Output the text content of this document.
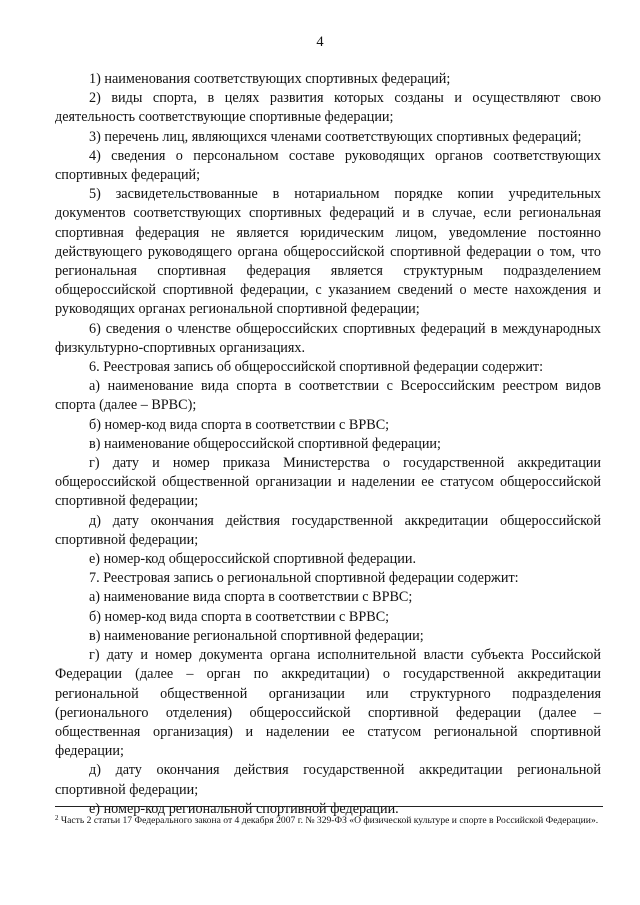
4

1) наименования соответствующих спортивных федераций;

2) виды спорта, в целях развития которых созданы и осуществляют свою деятельность соответствующие спортивные федерации;

3) перечень лиц, являющихся членами соответствующих спортивных федераций;

4) сведения о персональном составе руководящих органов соответствующих спортивных федераций;

5) засвидетельствованные в нотариальном порядке копии учредительных документов соответствующих спортивных федераций и в случае, если региональная спортивная федерация не является юридическим лицом, уведомление постоянно действующего руководящего органа общероссийской спортивной федерации о том, что региональная спортивная федерация является структурным подразделением общероссийской спортивной федерации, с указанием сведений о месте нахождения и руководящих органах региональной спортивной федерации;

6) сведения о членстве общероссийских спортивных федераций в международных физкультурно-спортивных организациях.

6. Реестровая запись об общероссийской спортивной федерации содержит:

а) наименование вида спорта в соответствии с Всероссийским реестром видов спорта (далее – ВРВС);

б) номер-код вида спорта в соответствии с ВРВС;

в) наименование общероссийской спортивной федерации;

г) дату и номер приказа Министерства о государственной аккредитации общероссийской общественной организации и наделении ее статусом общероссийской спортивной федерации;

д) дату окончания действия государственной аккредитации общероссийской спортивной федерации;

е) номер-код общероссийской спортивной федерации.

7. Реестровая запись о региональной спортивной федерации содержит:

а) наименование вида спорта в соответствии с ВРВС;

б) номер-код вида спорта в соответствии с ВРВС;

в) наименование региональной спортивной федерации;

г) дату и номер документа органа исполнительной власти субъекта Российской Федерации (далее – орган по аккредитации) о государственной аккредитации региональной общественной организации или структурного подразделения (регионального отделения) общероссийской спортивной федерации (далее – общественная организация) и наделении ее статусом региональной спортивной федерации;

д) дату окончания действия государственной аккредитации региональной спортивной федерации;

е) номер-код региональной спортивной федерации.

$^2$ Часть 2 статьи 17 Федерального закона от 4 декабря 2007 г. № 329-ФЗ «О физической культуре и спорте в Российской Федерации».
